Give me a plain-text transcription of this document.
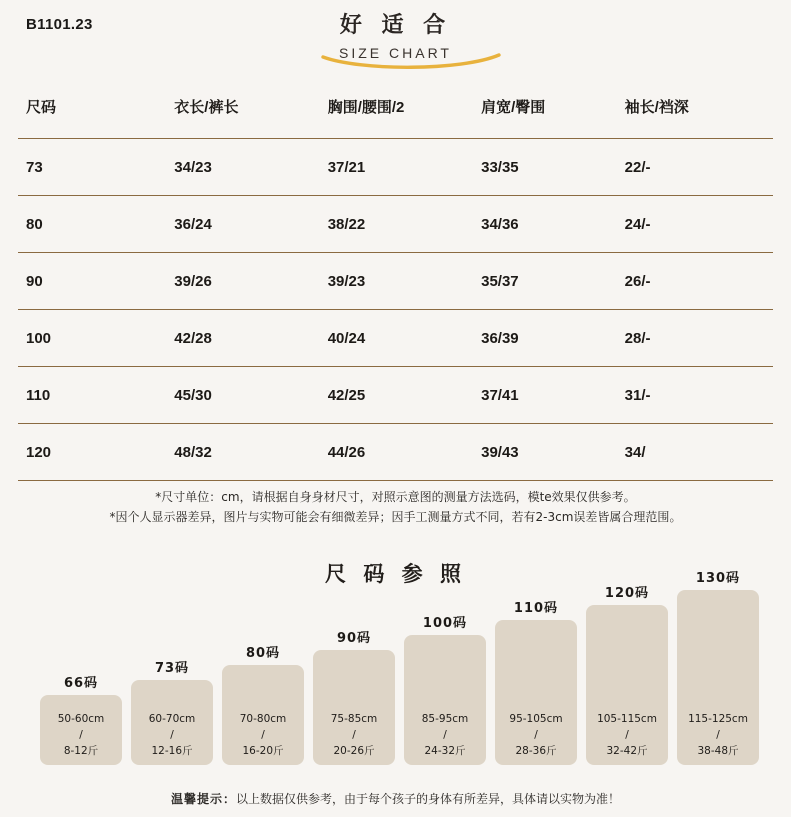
B1101.23	好 适 合
SIZE CHART
尺码	衣长/裤长	胸围/腰围/2	肩宽/臀围	袖长/裆深
73	34/23	37/21	33/35	22/-
80	36/24	38/22	34/36	24/-
90	39/26	39/23	35/37	26/-
100	42/28	40/24	36/39	28/-
110	45/30	42/25	37/41	31/-
120	48/32	44/26	39/43	34/
*尺寸单位：cm，请根据自身身材尺寸，对照示意图的测量方法选码，模te效果仅供参考。
*因个人显示器差异，图片与实物可能会有细微差异；因手工测量方式不同，若有2-3cm误差皆属合理范围。
尺 码 参 照
66码
50-60cm
/
8-12斤
73码
60-70cm
/
12-16斤
80码
70-80cm
/
16-20斤
90码
75-85cm
/
20-26斤
100码
85-95cm
/
24-32斤
110码
95-105cm
/
28-36斤
120码
105-115cm
/
32-42斤
130码
115-125cm
/
38-48斤
温馨提示：以上数据仅供参考，由于每个孩子的身体有所差异，具体请以实物为准！
